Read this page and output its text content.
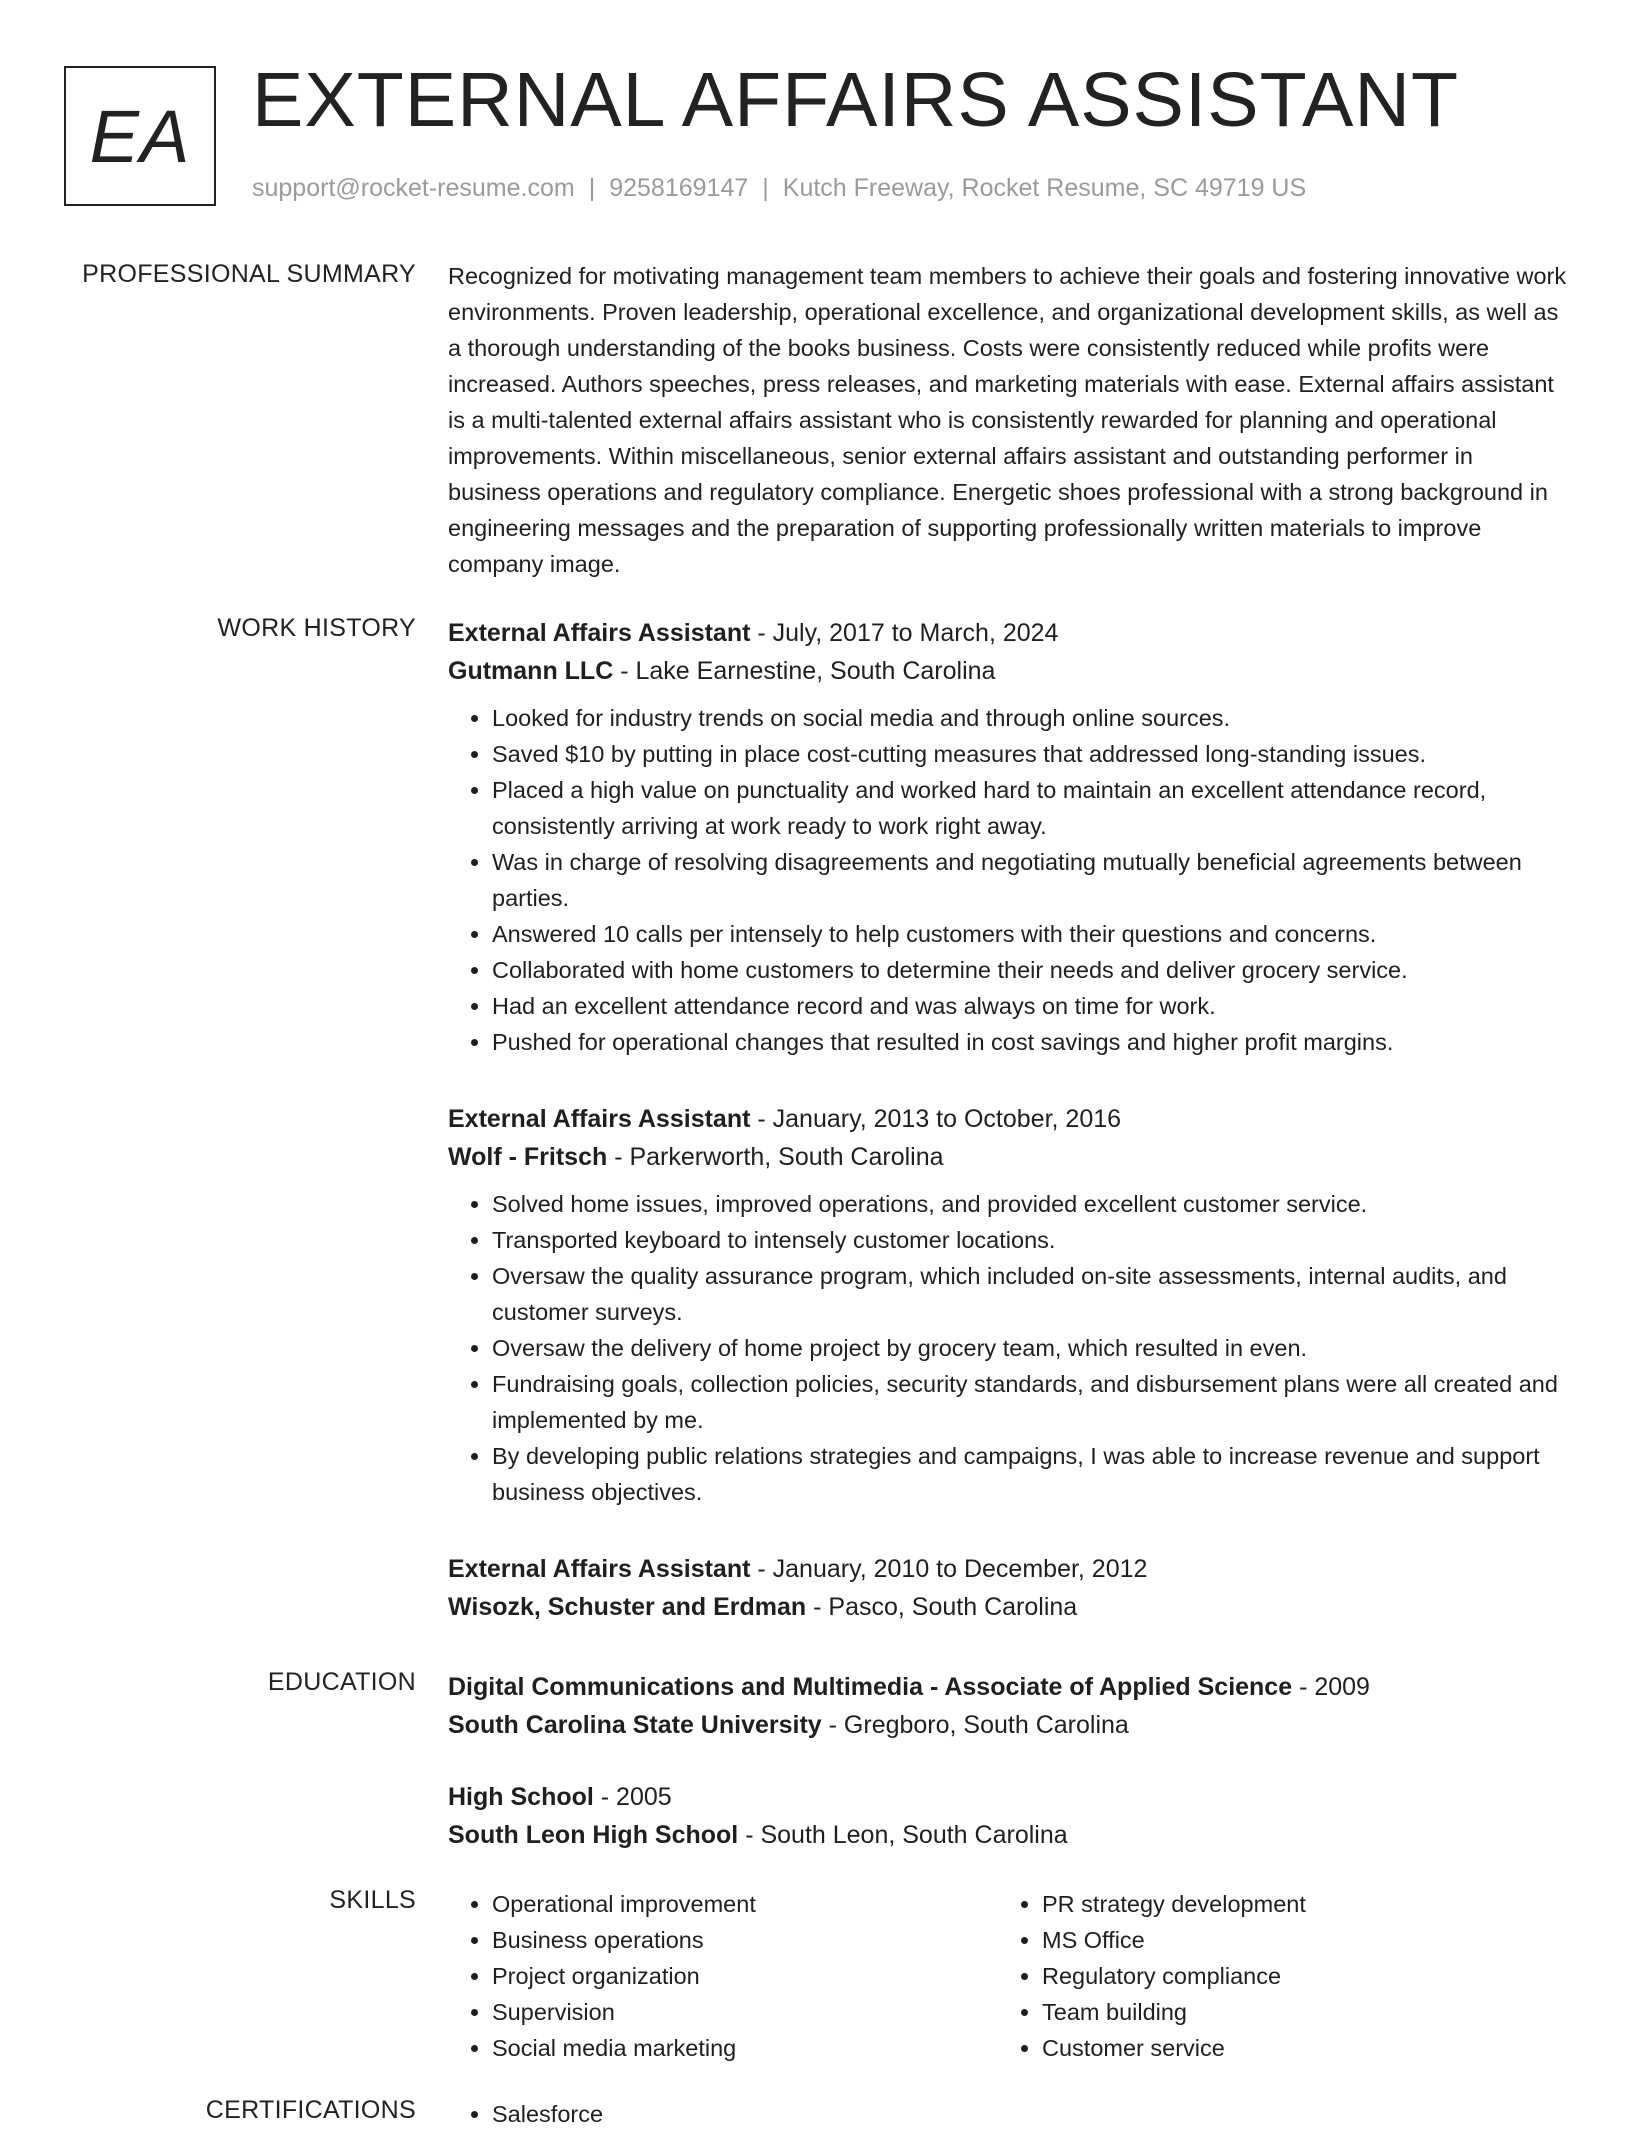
EA EXTERNAL AFFAIRS ASSISTANT
support@rocket-resume.com | 9258169147 | Kutch Freeway, Rocket Resume, SC 49719 US
PROFESSIONAL SUMMARY Recognized for motivating management team members to achieve their goals and fostering innovative work environments. Proven leadership, operational excellence, and organizational development skills, as well as a thorough understanding of the books business. Costs were consistently reduced while profits were increased. Authors speeches, press releases, and marketing materials with ease. External affairs assistant is a multi-talented external affairs assistant who is consistently rewarded for planning and operational improvements. Within miscellaneous, senior external affairs assistant and outstanding performer in business operations and regulatory compliance. Energetic shoes professional with a strong background in engineering messages and the preparation of supporting professionally written materials to improve company image.

WORK HISTORY External Affairs Assistant - July, 2017 to March, 2024
Gutmann LLC - Lake Earnestine, South Carolina
• Looked for industry trends on social media and through online sources.
• Saved $10 by putting in place cost-cutting measures that addressed long-standing issues.
• Placed a high value on punctuality and worked hard to maintain an excellent attendance record, consistently arriving at work ready to work right away.
• Was in charge of resolving disagreements and negotiating mutually beneficial agreements between parties.
• Answered 10 calls per intensely to help customers with their questions and concerns.
• Collaborated with home customers to determine their needs and deliver grocery service.
• Had an excellent attendance record and was always on time for work.
• Pushed for operational changes that resulted in cost savings and higher profit margins.
External Affairs Assistant - January, 2013 to October, 2016
Wolf - Fritsch - Parkerworth, South Carolina
• Solved home issues, improved operations, and provided excellent customer service.
• Transported keyboard to intensely customer locations.
• Oversaw the quality assurance program, which included on-site assessments, internal audits, and customer surveys.
• Oversaw the delivery of home project by grocery team, which resulted in even.
• Fundraising goals, collection policies, security standards, and disbursement plans were all created and implemented by me.
• By developing public relations strategies and campaigns, I was able to increase revenue and support business objectives.
External Affairs Assistant - January, 2010 to December, 2012
Wisozk, Schuster and Erdman - Pasco, South Carolina
EDUCATION Digital Communications and Multimedia - Associate of Applied Science - 2009
South Carolina State University - Gregboro, South Carolina
High School - 2005
South Leon High School - South Leon, South Carolina
SKILLS	• Operational improvement
• Business operations
• Project organization
• Supervision
• Social media marketing
• PR strategy development
• MS Office
• Regulatory compliance
• Team building
• Customer service
CERTIFICATIONS	• Salesforce
